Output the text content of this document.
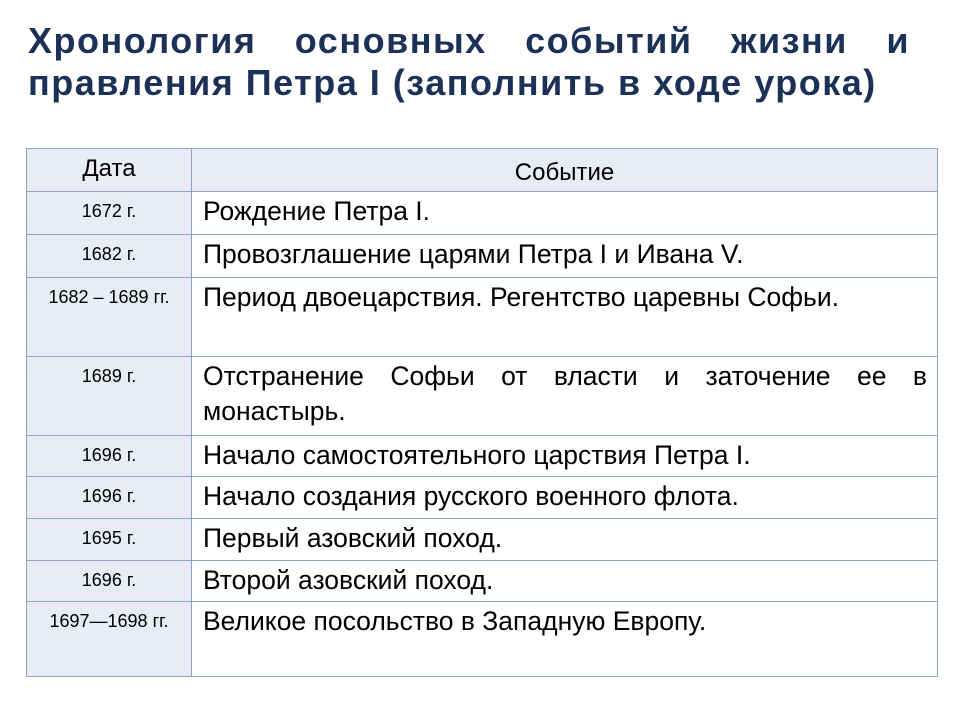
Хронология основных событий жизни и правления Петра I (заполнить в ходе урока)
Дата	Событие
1672 г.	Рождение Петра I.
1682 г.	Провозглашение царями Петра I и Ивана V.
1682 – 1689 гг.	Период двоецарствия. Регентство царевны Софьи.
1689 г.	Отстранение Софьи от власти и заточение ее в монастырь.
1696 г.	Начало самостоятельного царствия Петра I.
1696 г.	Начало создания русского военного флота.
1695 г.	Первый азовский поход.
1696 г.	Второй азовский поход.
1697—1698 гг.	Великое посольство в Западную Европу.
